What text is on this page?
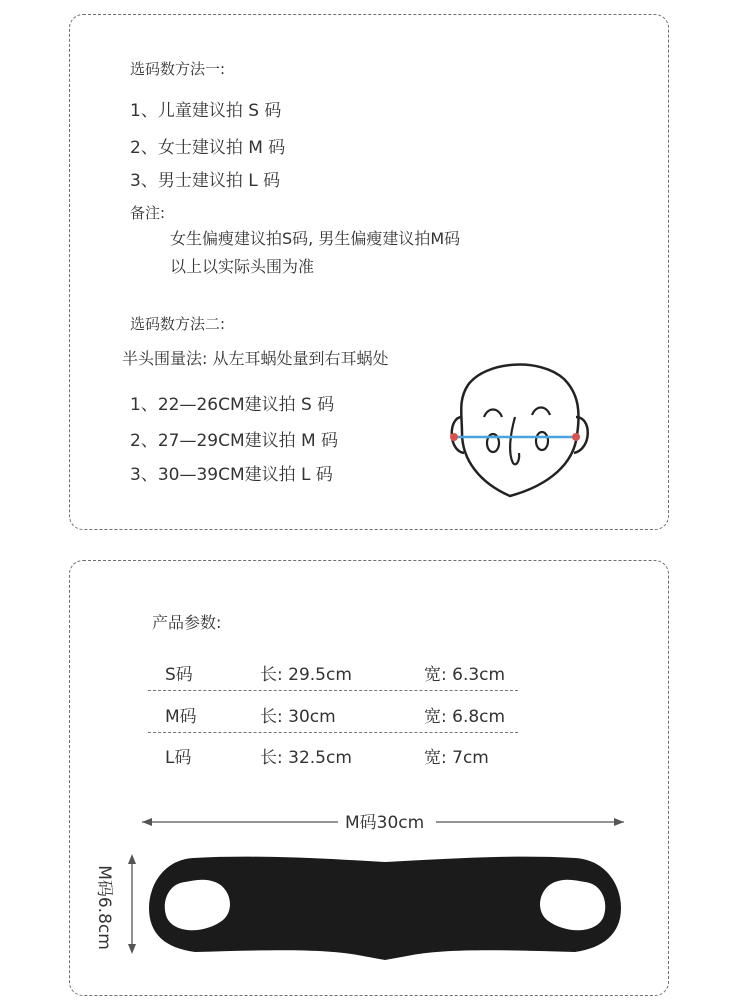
选码数方法一:
1、儿童建议拍 S 码
2、女士建议拍 M 码
3、男士建议拍 L 码
备注:
女生偏瘦建议拍S码, 男生偏瘦建议拍M码
以上以实际头围为准
选码数方法二:
半头围量法: 从左耳蜗处量到右耳蜗处
1、22—26CM建议拍 S 码
2、27—29CM建议拍 M 码
3、30—39CM建议拍 L 码
产品参数:
S码	长: 29.5cm	宽: 6.3cm
M码	长: 30cm	宽: 6.8cm
L码	长: 32.5cm	宽: 7cm
M码30cm
M码6.8cm
